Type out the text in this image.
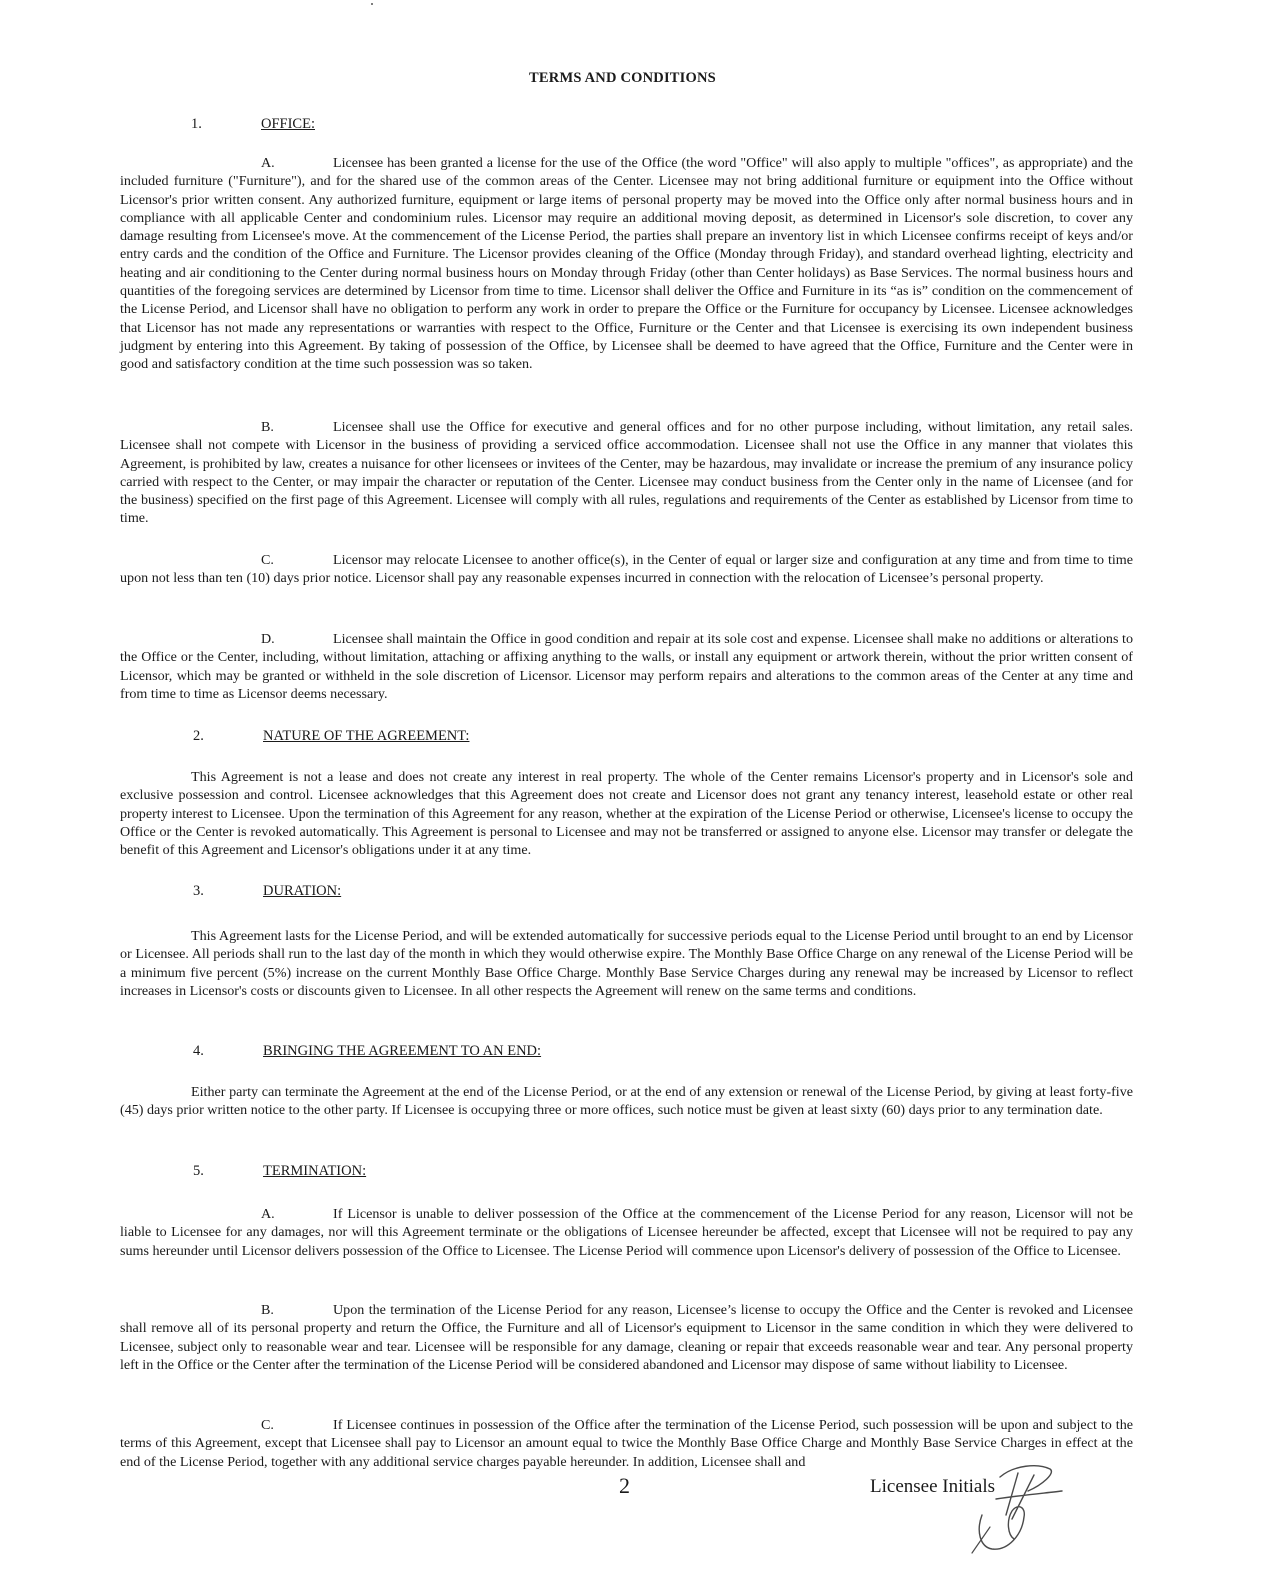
TERMS AND CONDITIONS
1.	OFFICE:
A.	Licensee has been granted a license for the use of the Office (the word "Office" will also apply to multiple "offices", as appropriate) and the included furniture ("Furniture"), and for the shared use of the common areas of the Center. Licensee may not bring additional furniture or equipment into the Office without Licensor's prior written consent. Any authorized furniture, equipment or large items of personal property may be moved into the Office only after normal business hours and in compliance with all applicable Center and condominium rules. Licensor may require an additional moving deposit, as determined in Licensor's sole discretion, to cover any damage resulting from Licensee's move. At the commencement of the License Period, the parties shall prepare an inventory list in which Licensee confirms receipt of keys and/or entry cards and the condition of the Office and Furniture. The Licensor provides cleaning of the Office (Monday through Friday), and standard overhead lighting, electricity and heating and air conditioning to the Center during normal business hours on Monday through Friday (other than Center holidays) as Base Services. The normal business hours and quantities of the foregoing services are determined by Licensor from time to time. Licensor shall deliver the Office and Furniture in its “as is” condition on the commencement of the License Period, and Licensor shall have no obligation to perform any work in order to prepare the Office or the Furniture for occupancy by Licensee. Licensee acknowledges that Licensor has not made any representations or warranties with respect to the Office, Furniture or the Center and that Licensee is exercising its own independent business judgment by entering into this Agreement. By taking of possession of the Office, by Licensee shall be deemed to have agreed that the Office, Furniture and the Center were in good and satisfactory condition at the time such possession was so taken.
B.	Licensee shall use the Office for executive and general offices and for no other purpose including, without limitation, any retail sales. Licensee shall not compete with Licensor in the business of providing a serviced office accommodation. Licensee shall not use the Office in any manner that violates this Agreement, is prohibited by law, creates a nuisance for other licensees or invitees of the Center, may be hazardous, may invalidate or increase the premium of any insurance policy carried with respect to the Center, or may impair the character or reputation of the Center. Licensee may conduct business from the Center only in the name of Licensee (and for the business) specified on the first page of this Agreement. Licensee will comply with all rules, regulations and requirements of the Center as established by Licensor from time to time.
C.	Licensor may relocate Licensee to another office(s), in the Center of equal or larger size and configuration at any time and from time to time upon not less than ten (10) days prior notice. Licensor shall pay any reasonable expenses incurred in connection with the relocation of Licensee’s personal property.
D.	Licensee shall maintain the Office in good condition and repair at its sole cost and expense. Licensee shall make no additions or alterations to the Office or the Center, including, without limitation, attaching or affixing anything to the walls, or install any equipment or artwork therein, without the prior written consent of Licensor, which may be granted or withheld in the sole discretion of Licensor. Licensor may perform repairs and alterations to the common areas of the Center at any time and from time to time as Licensor deems necessary.
2.	NATURE OF THE AGREEMENT:
This Agreement is not a lease and does not create any interest in real property. The whole of the Center remains Licensor's property and in Licensor's sole and exclusive possession and control. Licensee acknowledges that this Agreement does not create and Licensor does not grant any tenancy interest, leasehold estate or other real property interest to Licensee. Upon the termination of this Agreement for any reason, whether at the expiration of the License Period or otherwise, Licensee's license to occupy the Office or the Center is revoked automatically. This Agreement is personal to Licensee and may not be transferred or assigned to anyone else. Licensor may transfer or delegate the benefit of this Agreement and Licensor's obligations under it at any time.
3.	DURATION:
This Agreement lasts for the License Period, and will be extended automatically for successive periods equal to the License Period until brought to an end by Licensor or Licensee. All periods shall run to the last day of the month in which they would otherwise expire. The Monthly Base Office Charge on any renewal of the License Period will be a minimum five percent (5%) increase on the current Monthly Base Office Charge. Monthly Base Service Charges during any renewal may be increased by Licensor to reflect increases in Licensor's costs or discounts given to Licensee. In all other respects the Agreement will renew on the same terms and conditions.
4.	BRINGING THE AGREEMENT TO AN END:
Either party can terminate the Agreement at the end of the License Period, or at the end of any extension or renewal of the License Period, by giving at least forty-five (45) days prior written notice to the other party. If Licensee is occupying three or more offices, such notice must be given at least sixty (60) days prior to any termination date.
5.	TERMINATION:
A.	If Licensor is unable to deliver possession of the Office at the commencement of the License Period for any reason, Licensor will not be liable to Licensee for any damages, nor will this Agreement terminate or the obligations of Licensee hereunder be affected, except that Licensee will not be required to pay any sums hereunder until Licensor delivers possession of the Office to Licensee. The License Period will commence upon Licensor's delivery of possession of the Office to Licensee.
B.	Upon the termination of the License Period for any reason, Licensee’s license to occupy the Office and the Center is revoked and Licensee shall remove all of its personal property and return the Office, the Furniture and all of Licensor's equipment to Licensor in the same condition in which they were delivered to Licensee, subject only to reasonable wear and tear. Licensee will be responsible for any damage, cleaning or repair that exceeds reasonable wear and tear. Any personal property left in the Office or the Center after the termination of the License Period will be considered abandoned and Licensor may dispose of same without liability to Licensee.
C.	If Licensee continues in possession of the Office after the termination of the License Period, such possession will be upon and subject to the terms of this Agreement, except that Licensee shall pay to Licensor an amount equal to twice the Monthly Base Office Charge and Monthly Base Service Charges in effect at the end of the License Period, together with any additional service charges payable hereunder. In addition, Licensee shall and
2	Licensee Initials
